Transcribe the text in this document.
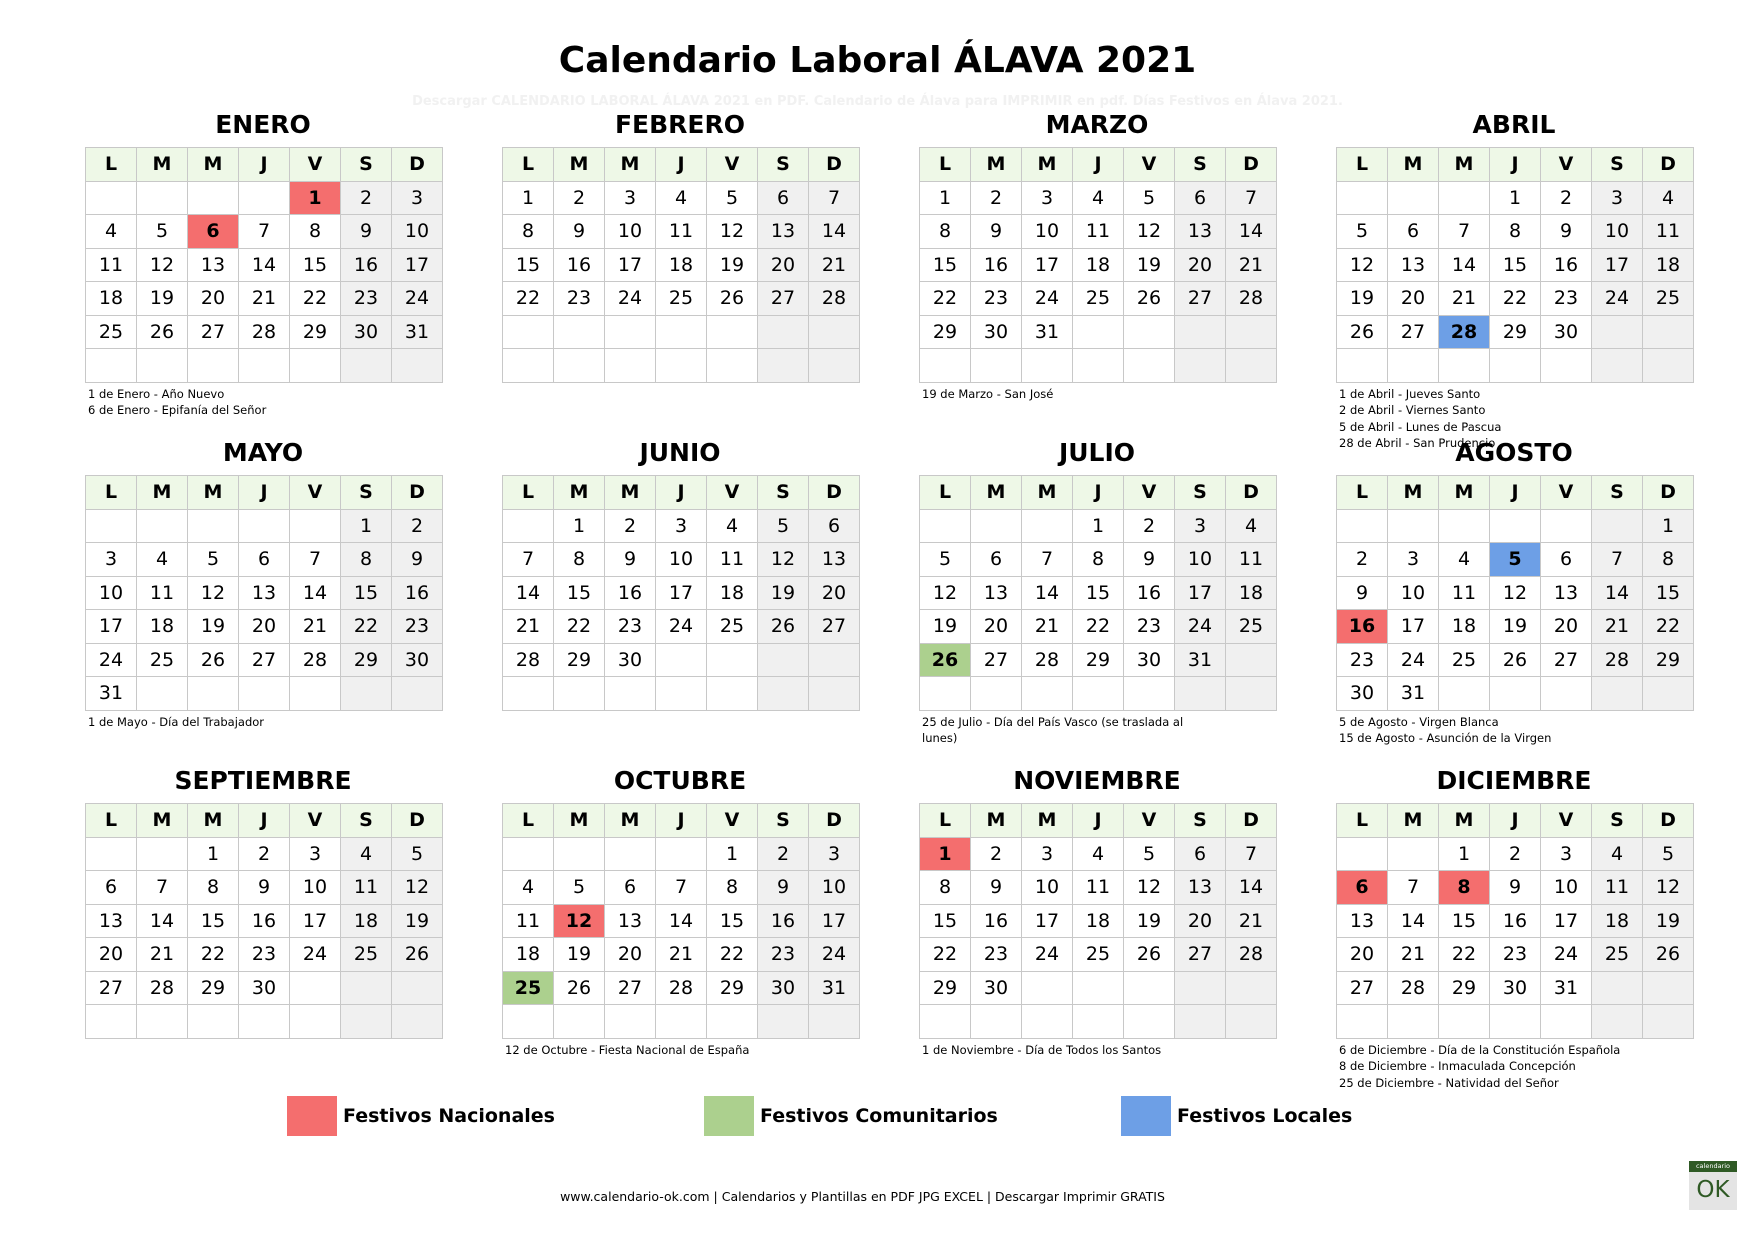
Calendario Laboral ÁLAVA 2021
Descargar CALENDARIO LABORAL ÁLAVA 2021 en PDF. Calendario de Álava para IMPRIMIR en pdf. Días Festivos en Álava 2021.
ENERO
L	M	M	J	V	S	D
				1	2	3
4	5	6	7	8	9	10
11	12	13	14	15	16	17
18	19	20	21	22	23	24
25	26	27	28	29	30	31

1 de Enero - Año Nuevo
6 de Enero - Epifanía del Señor
FEBRERO
L	M	M	J	V	S	D
1	2	3	4	5	6	7
8	9	10	11	12	13	14
15	16	17	18	19	20	21
22	23	24	25	26	27	28

MARZO
L	M	M	J	V	S	D
1	2	3	4	5	6	7
8	9	10	11	12	13	14
15	16	17	18	19	20	21
22	23	24	25	26	27	28
29	30	31				

19 de Marzo - San José
ABRIL
L	M	M	J	V	S	D
			1	2	3	4
5	6	7	8	9	10	11
12	13	14	15	16	17	18
19	20	21	22	23	24	25
26	27	28	29	30		

1 de Abril - Jueves Santo
2 de Abril - Viernes Santo
5 de Abril - Lunes de Pascua
28 de Abril - San Prudencio
MAYO
L	M	M	J	V	S	D
					1	2
3	4	5	6	7	8	9
10	11	12	13	14	15	16
17	18	19	20	21	22	23
24	25	26	27	28	29	30
31						
1 de Mayo - Día del Trabajador
JUNIO
L	M	M	J	V	S	D
	1	2	3	4	5	6
7	8	9	10	11	12	13
14	15	16	17	18	19	20
21	22	23	24	25	26	27
28	29	30				

JULIO
L	M	M	J	V	S	D
			1	2	3	4
5	6	7	8	9	10	11
12	13	14	15	16	17	18
19	20	21	22	23	24	25
26	27	28	29	30	31	

25 de Julio - Día del País Vasco (se traslada al lunes)
AGOSTO
L	M	M	J	V	S	D
						1
2	3	4	5	6	7	8
9	10	11	12	13	14	15
16	17	18	19	20	21	22
23	24	25	26	27	28	29
30	31					
5 de Agosto - Virgen Blanca
15 de Agosto - Asunción de la Virgen
SEPTIEMBRE
L	M	M	J	V	S	D
		1	2	3	4	5
6	7	8	9	10	11	12
13	14	15	16	17	18	19
20	21	22	23	24	25	26
27	28	29	30			

OCTUBRE
L	M	M	J	V	S	D
				1	2	3
4	5	6	7	8	9	10
11	12	13	14	15	16	17
18	19	20	21	22	23	24
25	26	27	28	29	30	31

12 de Octubre - Fiesta Nacional de España
NOVIEMBRE
L	M	M	J	V	S	D
1	2	3	4	5	6	7
8	9	10	11	12	13	14
15	16	17	18	19	20	21
22	23	24	25	26	27	28
29	30					

1 de Noviembre - Día de Todos los Santos
DICIEMBRE
L	M	M	J	V	S	D
		1	2	3	4	5
6	7	8	9	10	11	12
13	14	15	16	17	18	19
20	21	22	23	24	25	26
27	28	29	30	31		

6 de Diciembre - Día de la Constitución Española
8 de Diciembre - Inmaculada Concepción
25 de Diciembre - Natividad del Señor
Festivos Nacionales	Festivos Comunitarios	Festivos Locales
www.calendario-ok.com | Calendarios y Plantillas en PDF JPG EXCEL | Descargar Imprimir GRATIS
calendario
OK
